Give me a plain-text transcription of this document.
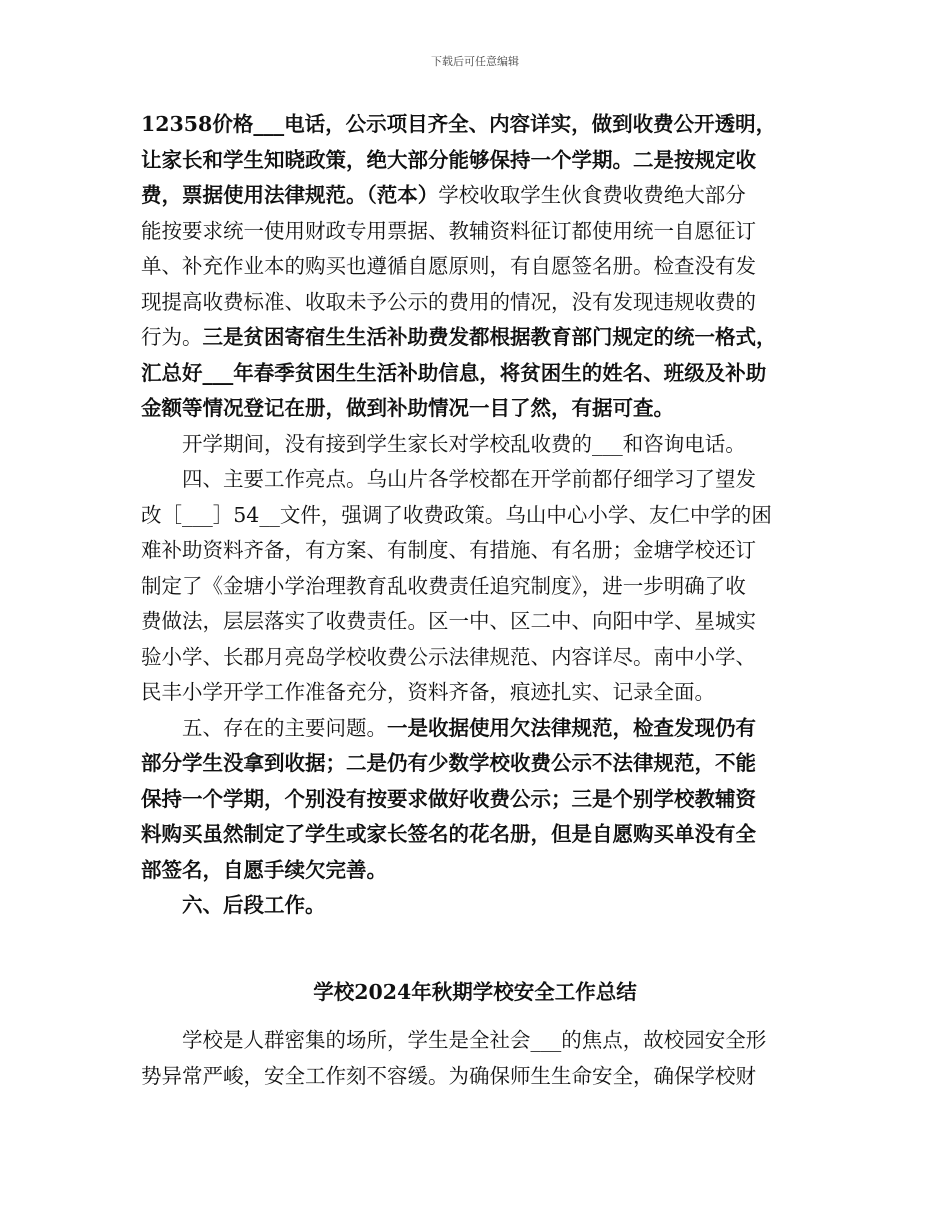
下载后可任意编辑
12358价格___电话，公示项目齐全、内容详实，做到收费公开透明，
让家长和学生知晓政策，绝大部分能够保持一个学期。二是按规定收
费，票据使用法律规范。（范本）学校收取学生伙食费收费绝大部分
能按要求统一使用财政专用票据、教辅资料征订都使用统一自愿征订
单、补充作业本的购买也遵循自愿原则，有自愿签名册。检查没有发
现提高收费标准、收取未予公示的费用的情况，没有发现违规收费的
行为。三是贫困寄宿生生活补助费发都根据教育部门规定的统一格式，
汇总好___年春季贫困生生活补助信息，将贫困生的姓名、班级及补助
金额等情况登记在册，做到补助情况一目了然，有据可查。
　　开学期间，没有接到学生家长对学校乱收费的___和咨询电话。
　　四、主要工作亮点。乌山片各学校都在开学前都仔细学习了望发
改［___］54__文件，强调了收费政策。乌山中心小学、友仁中学的困
难补助资料齐备，有方案、有制度、有措施、有名册；金塘学校还订
制定了《金塘小学治理教育乱收费责任追究制度》，进一步明确了收
费做法，层层落实了收费责任。区一中、区二中、向阳中学、星城实
验小学、长郡月亮岛学校收费公示法律规范、内容详尽。南中小学、
民丰小学开学工作准备充分，资料齐备，痕迹扎实、记录全面。
　　五、存在的主要问题。一是收据使用欠法律规范，检查发现仍有
部分学生没拿到收据；二是仍有少数学校收费公示不法律规范，不能
保持一个学期，个别没有按要求做好收费公示；三是个别学校教辅资
料购买虽然制定了学生或家长签名的花名册，但是自愿购买单没有全
部签名，自愿手续欠完善。
　　六、后段工作。
学校2024年秋期学校安全工作总结
　　学校是人群密集的场所，学生是全社会___的焦点，故校园安全形
势异常严峻，安全工作刻不容缓。为确保师生生命安全，确保学校财
